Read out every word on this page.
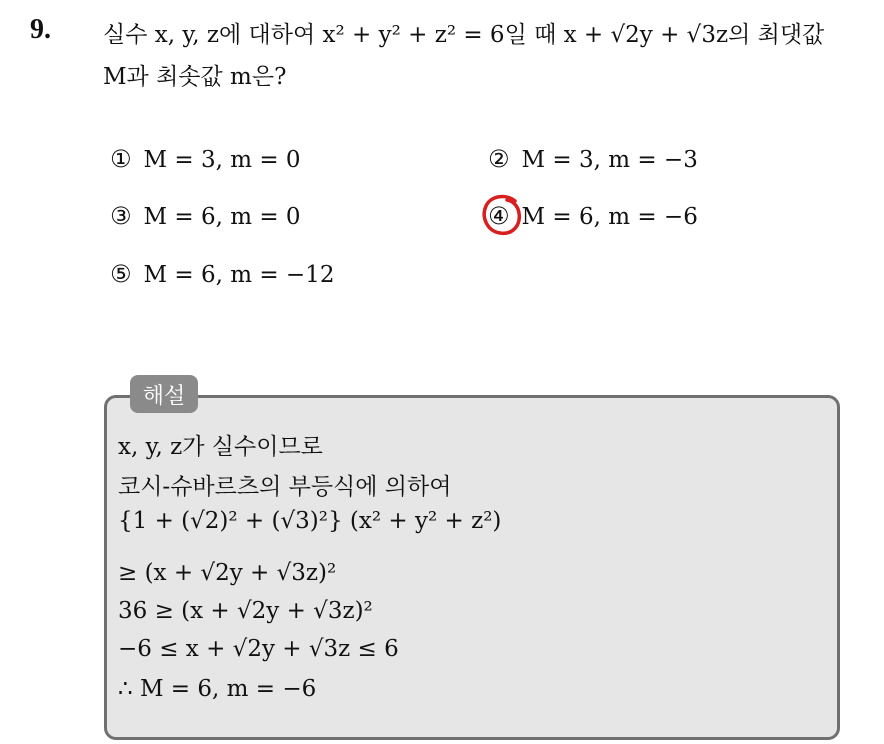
9. 실수 x, y, z에 대하여 x² + y² + z² = 6일 때 x + √2y + √3z의 최댓값
M과 최솟값 m은?
① M = 3, m = 0	② M = 3, m = −3
③ M = 6, m = 0	④ M = 6, m = −6
⑤ M = 6, m = −12
해설
x, y, z가 실수이므로
코시-슈바르츠의 부등식에 의하여
{1 + (√2)² + (√3)²} (x² + y² + z²)
≥ (x + √2y + √3z)²
36 ≥ (x + √2y + √3z)²
−6 ≤ x + √2y + √3z ≤ 6
∴ M = 6, m = −6
